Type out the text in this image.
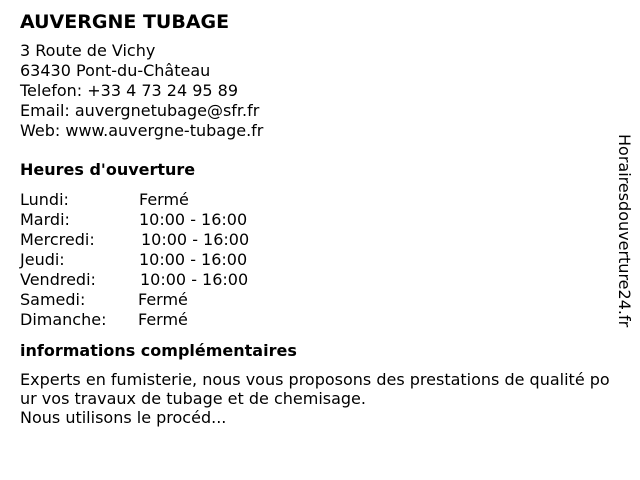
AUVERGNE TUBAGE
3 Route de Vichy
63430 Pont-du-Château
Telefon: +33 4 73 24 95 89
Email: auvergnetubage@sfr.fr
Web: www.auvergne-tubage.fr
Heures d'ouverture
Lundi:	Fermé
Mardi:	10:00 - 16:00
Mercredi:	10:00 - 16:00
Jeudi:	10:00 - 16:00
Vendredi:	10:00 - 16:00
Samedi:	Fermé
Dimanche:	Fermé
informations complémentaires
Experts en fumisterie, nous vous proposons des prestations de qualité pour vos travaux de tubage et de chemisage.
Nous utilisons le procéd...
Horairesdouverture24.fr
